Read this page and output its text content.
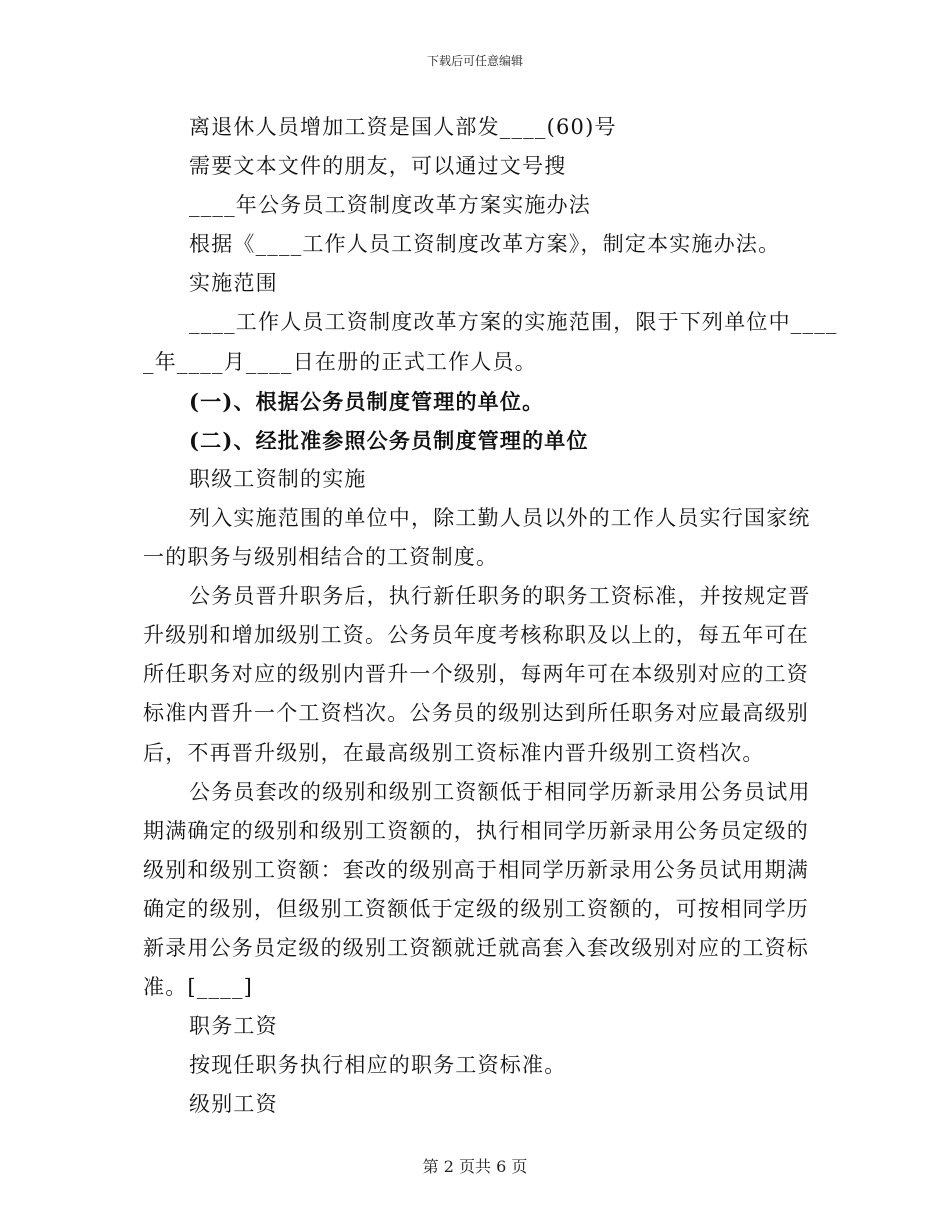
下载后可任意编辑
离退休人员增加工资是国人部发____(60)号
需要文本文件的朋友，可以通过文号搜
____年公务员工资制度改革方案实施办法
根据《____工作人员工资制度改革方案》，制定本实施办法。
实施范围
____工作人员工资制度改革方案的实施范围，限于下列单位中____
_年____月____日在册的正式工作人员。
(一)、根据公务员制度管理的单位。
(二)、经批准参照公务员制度管理的单位
职级工资制的实施
列入实施范围的单位中，除工勤人员以外的工作人员实行国家统
一的职务与级别相结合的工资制度。
公务员晋升职务后，执行新任职务的职务工资标准，并按规定晋
升级别和增加级别工资。公务员年度考核称职及以上的，每五年可在
所任职务对应的级别内晋升一个级别，每两年可在本级别对应的工资
标准内晋升一个工资档次。公务员的级别达到所任职务对应最高级别
后，不再晋升级别，在最高级别工资标准内晋升级别工资档次。
公务员套改的级别和级别工资额低于相同学历新录用公务员试用
期满确定的级别和级别工资额的，执行相同学历新录用公务员定级的
级别和级别工资额：套改的级别高于相同学历新录用公务员试用期满
确定的级别，但级别工资额低于定级的级别工资额的，可按相同学历
新录用公务员定级的级别工资额就迁就高套入套改级别对应的工资标
准。[____]
职务工资
按现任职务执行相应的职务工资标准。
级别工资
第 2 页共 6 页
